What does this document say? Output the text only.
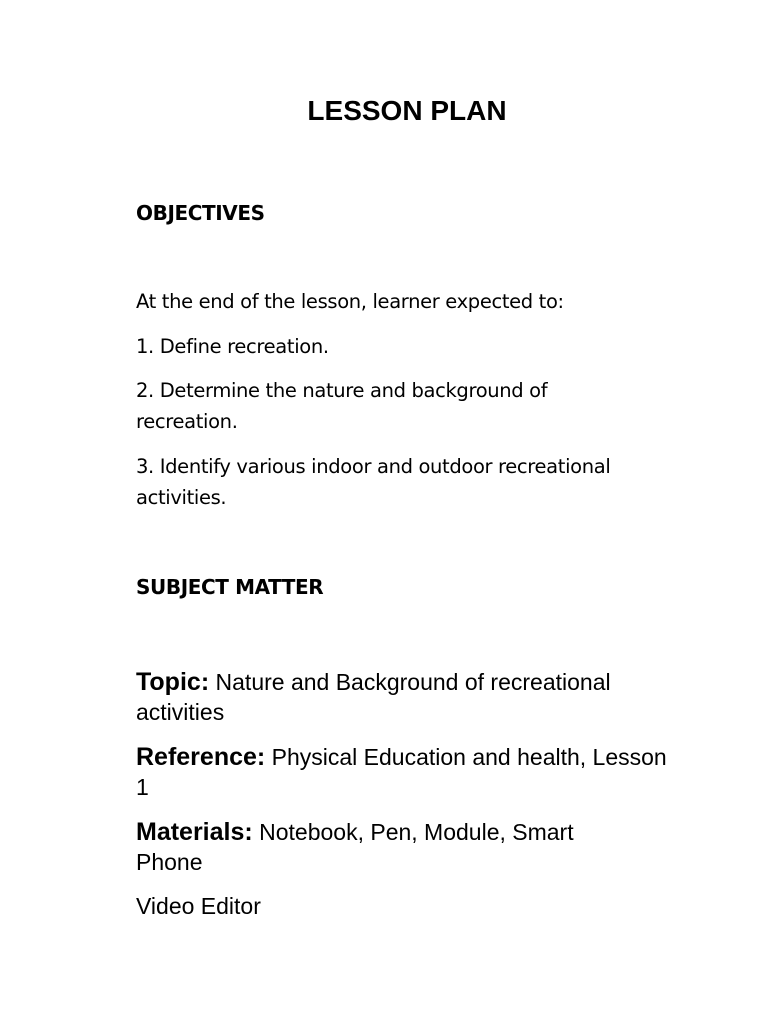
LESSON PLAN
OBJECTIVES
At the end of the lesson, learner expected to:
1. Define recreation.
2. Determine the nature and background of recreation.
3. Identify various indoor and outdoor recreational activities.
SUBJECT MATTER
Topic: Nature and Background of recreational activities
Reference: Physical Education and health, Lesson 1
Materials: Notebook, Pen, Module, Smart Phone
Video Editor
